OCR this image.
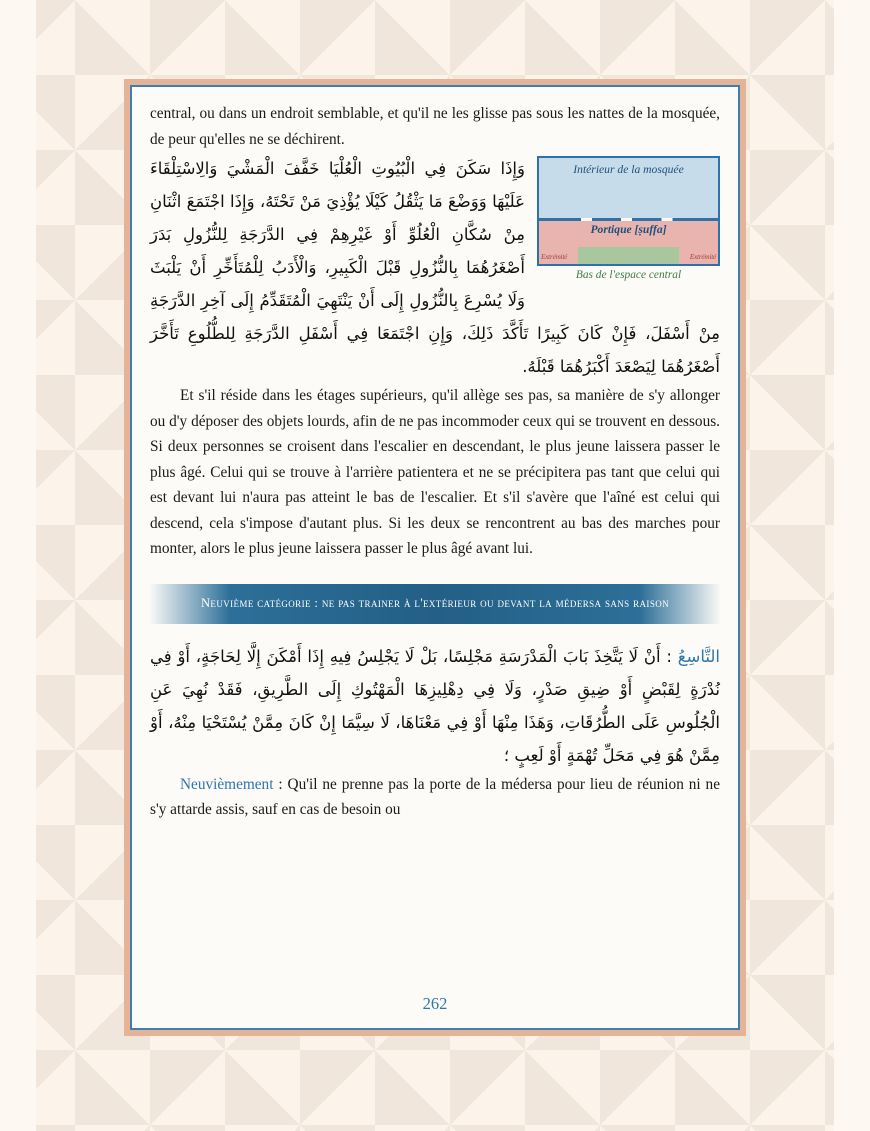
central, ou dans un endroit semblable, et qu'il ne les glisse pas sous les nattes de la mosquée, de peur qu'elles ne se déchirent.

Intérieur de la mosquée
Portique [ṣuffa]
Extrémité	Extrémité
Bas de l'espace central

وَإِذَا سَكَنَ فِي الْبُيُوتِ الْعُلْيَا خَفَّفَ الْمَشْيَ وَالِاسْتِلْقَاءَ عَلَيْهَا وَوَضْعَ مَا يَثْقُلُ كَيْلَا يُؤْذِيَ مَنْ تَحْتَهُ، وَإِذَا اجْتَمَعَ اثْنَانِ مِنْ سُكَّانِ الْعُلُوِّ أَوْ غَيْرِهِمْ فِي الدَّرَجَةِ لِلنُّزُولِ بَدَرَ أَصْغَرُهُمَا بِالنُّزُولِ قَبْلَ الْكَبِيرِ، وَالْأَدَبُ لِلْمُتَأَخِّرِ أَنْ يَلْبَثَ وَلَا يُسْرِعَ بِالنُّزُولِ إِلَى أَنْ يَنْتَهِيَ الْمُتَقَدِّمُ إِلَى آخِرِ الدَّرَجَةِ مِنْ أَسْفَلَ، فَإِنْ كَانَ كَبِيرًا تَأَكَّدَ ذَلِكَ، وَإِنِ اجْتَمَعَا فِي أَسْفَلِ الدَّرَجَةِ لِلطُّلُوعِ تَأَخَّرَ أَصْغَرُهُمَا لِيَصْعَدَ أَكْبَرُهُمَا قَبْلَهُ.

Et s'il réside dans les étages supérieurs, qu'il allège ses pas, sa manière de s'y allonger ou d'y déposer des objets lourds, afin de ne pas incommoder ceux qui se trouvent en dessous. Si deux personnes se croisent dans l'escalier en descendant, le plus jeune laissera passer le plus âgé. Celui qui se trouve à l'arrière patientera et ne se précipitera pas tant que celui qui est devant lui n'aura pas atteint le bas de l'escalier. Et s'il s'avère que l'aîné est celui qui descend, cela s'impose d'autant plus. Si les deux se rencontrent au bas des marches pour monter, alors le plus jeune laissera passer le plus âgé avant lui.

Neuvième catégorie : ne pas trainer à l'extérieur ou devant la médersa sans raison

التَّاسِعُ : أَنْ لَا يَتَّخِذَ بَابَ الْمَدْرَسَةِ مَجْلِسًا، بَلْ لَا يَجْلِسُ فِيهِ إِذَا أَمْكَنَ إِلَّا لِحَاجَةٍ، أَوْ فِي نُدْرَةٍ لِقَبْضٍ أَوْ ضِيقِ صَدْرٍ، وَلَا فِي دِهْلِيزِهَا الْمَهْتُوكِ إِلَى الطَّرِيقِ، فَقَدْ نُهِيَ عَنِ الْجُلُوسِ عَلَى الطُّرُقَاتِ، وَهَذَا مِنْهَا أَوْ فِي مَعْنَاهَا، لَا سِيَّمَا إِنْ كَانَ مِمَّنْ يُسْتَحْيَا مِنْهُ، أَوْ مِمَّنْ هُوَ فِي مَحَلِّ تُهْمَةٍ أَوْ لَعِبٍ ؛

Neuvièmement : Qu'il ne prenne pas la porte de la médersa pour lieu de réunion ni ne s'y attarde assis, sauf en cas de besoin ou

262
